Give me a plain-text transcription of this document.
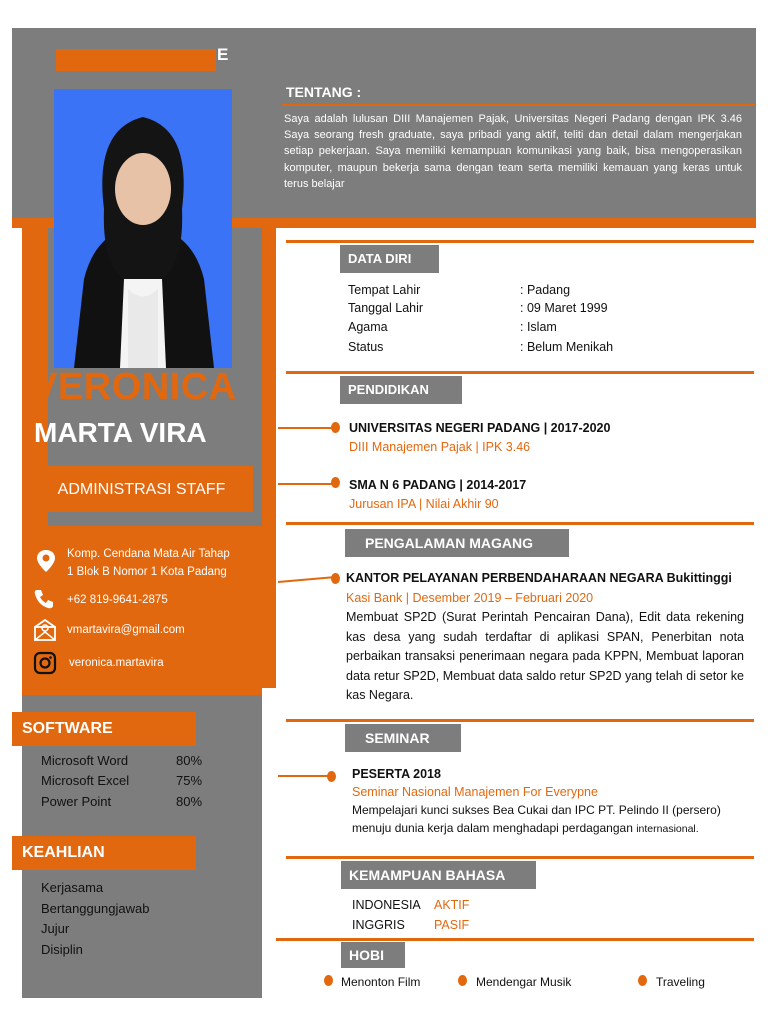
E
TENTANG :
Saya adalah lulusan DIII Manajemen Pajak, Universitas Negeri Padang dengan IPK 3.46 Saya seorang fresh graduate, saya pribadi yang aktif, teliti dan detail dalam mengerjakan setiap pekerjaan. Saya memiliki kemampuan komunikasi yang baik, bisa mengoperasikan komputer, maupun bekerja sama dengan team serta memiliki kemauan yang keras untuk terus belajar
VERONICA
MARTA VIRA
ADMINISTRASI STAFF
Komp. Cendana Mata Air Tahap
1 Blok B Nomor 1 Kota Padang
+62 819-9641-2875
vmartavira@gmail.com
veronica.martavira
SOFTWARE
Microsoft Word	80%
Microsoft Excel	75%
Power Point	80%
KEAHLIAN
Kerjasama
Bertanggungjawab
Jujur
Disiplin
DATA DIRI
Tempat Lahir	: Padang
Tanggal Lahir	: 09 Maret 1999
Agama	: Islam
Status	: Belum Menikah
PENDIDIKAN
UNIVERSITAS NEGERI PADANG | 2017-2020
DIII Manajemen Pajak | IPK 3.46
SMA N 6 PADANG | 2014-2017
Jurusan IPA | Nilai Akhir 90
PENGALAMAN MAGANG
KANTOR PELAYANAN PERBENDAHARAAN NEGARA Bukittinggi
Kasi Bank | Desember 2019 – Februari 2020
Membuat SP2D (Surat Perintah Pencairan Dana), Edit data rekening kas desa yang sudah terdaftar di aplikasi SPAN, Penerbitan nota perbaikan transaksi penerimaan negara pada KPPN, Membuat laporan data retur SP2D, Membuat data saldo retur SP2D yang telah di setor ke kas Negara.
SEMINAR
PESERTA 2018
Seminar Nasional Manajemen For Everypne
Mempelajari kunci sukses Bea Cukai dan IPC PT. Pelindo II (persero) menuju dunia kerja dalam menghadapi perdagangan internasional.
KEMAMPUAN BAHASA
INDONESIA AKTIF
INGGRIS PASIF
HOBI
Menonton Film	Mendengar Musik	Traveling
